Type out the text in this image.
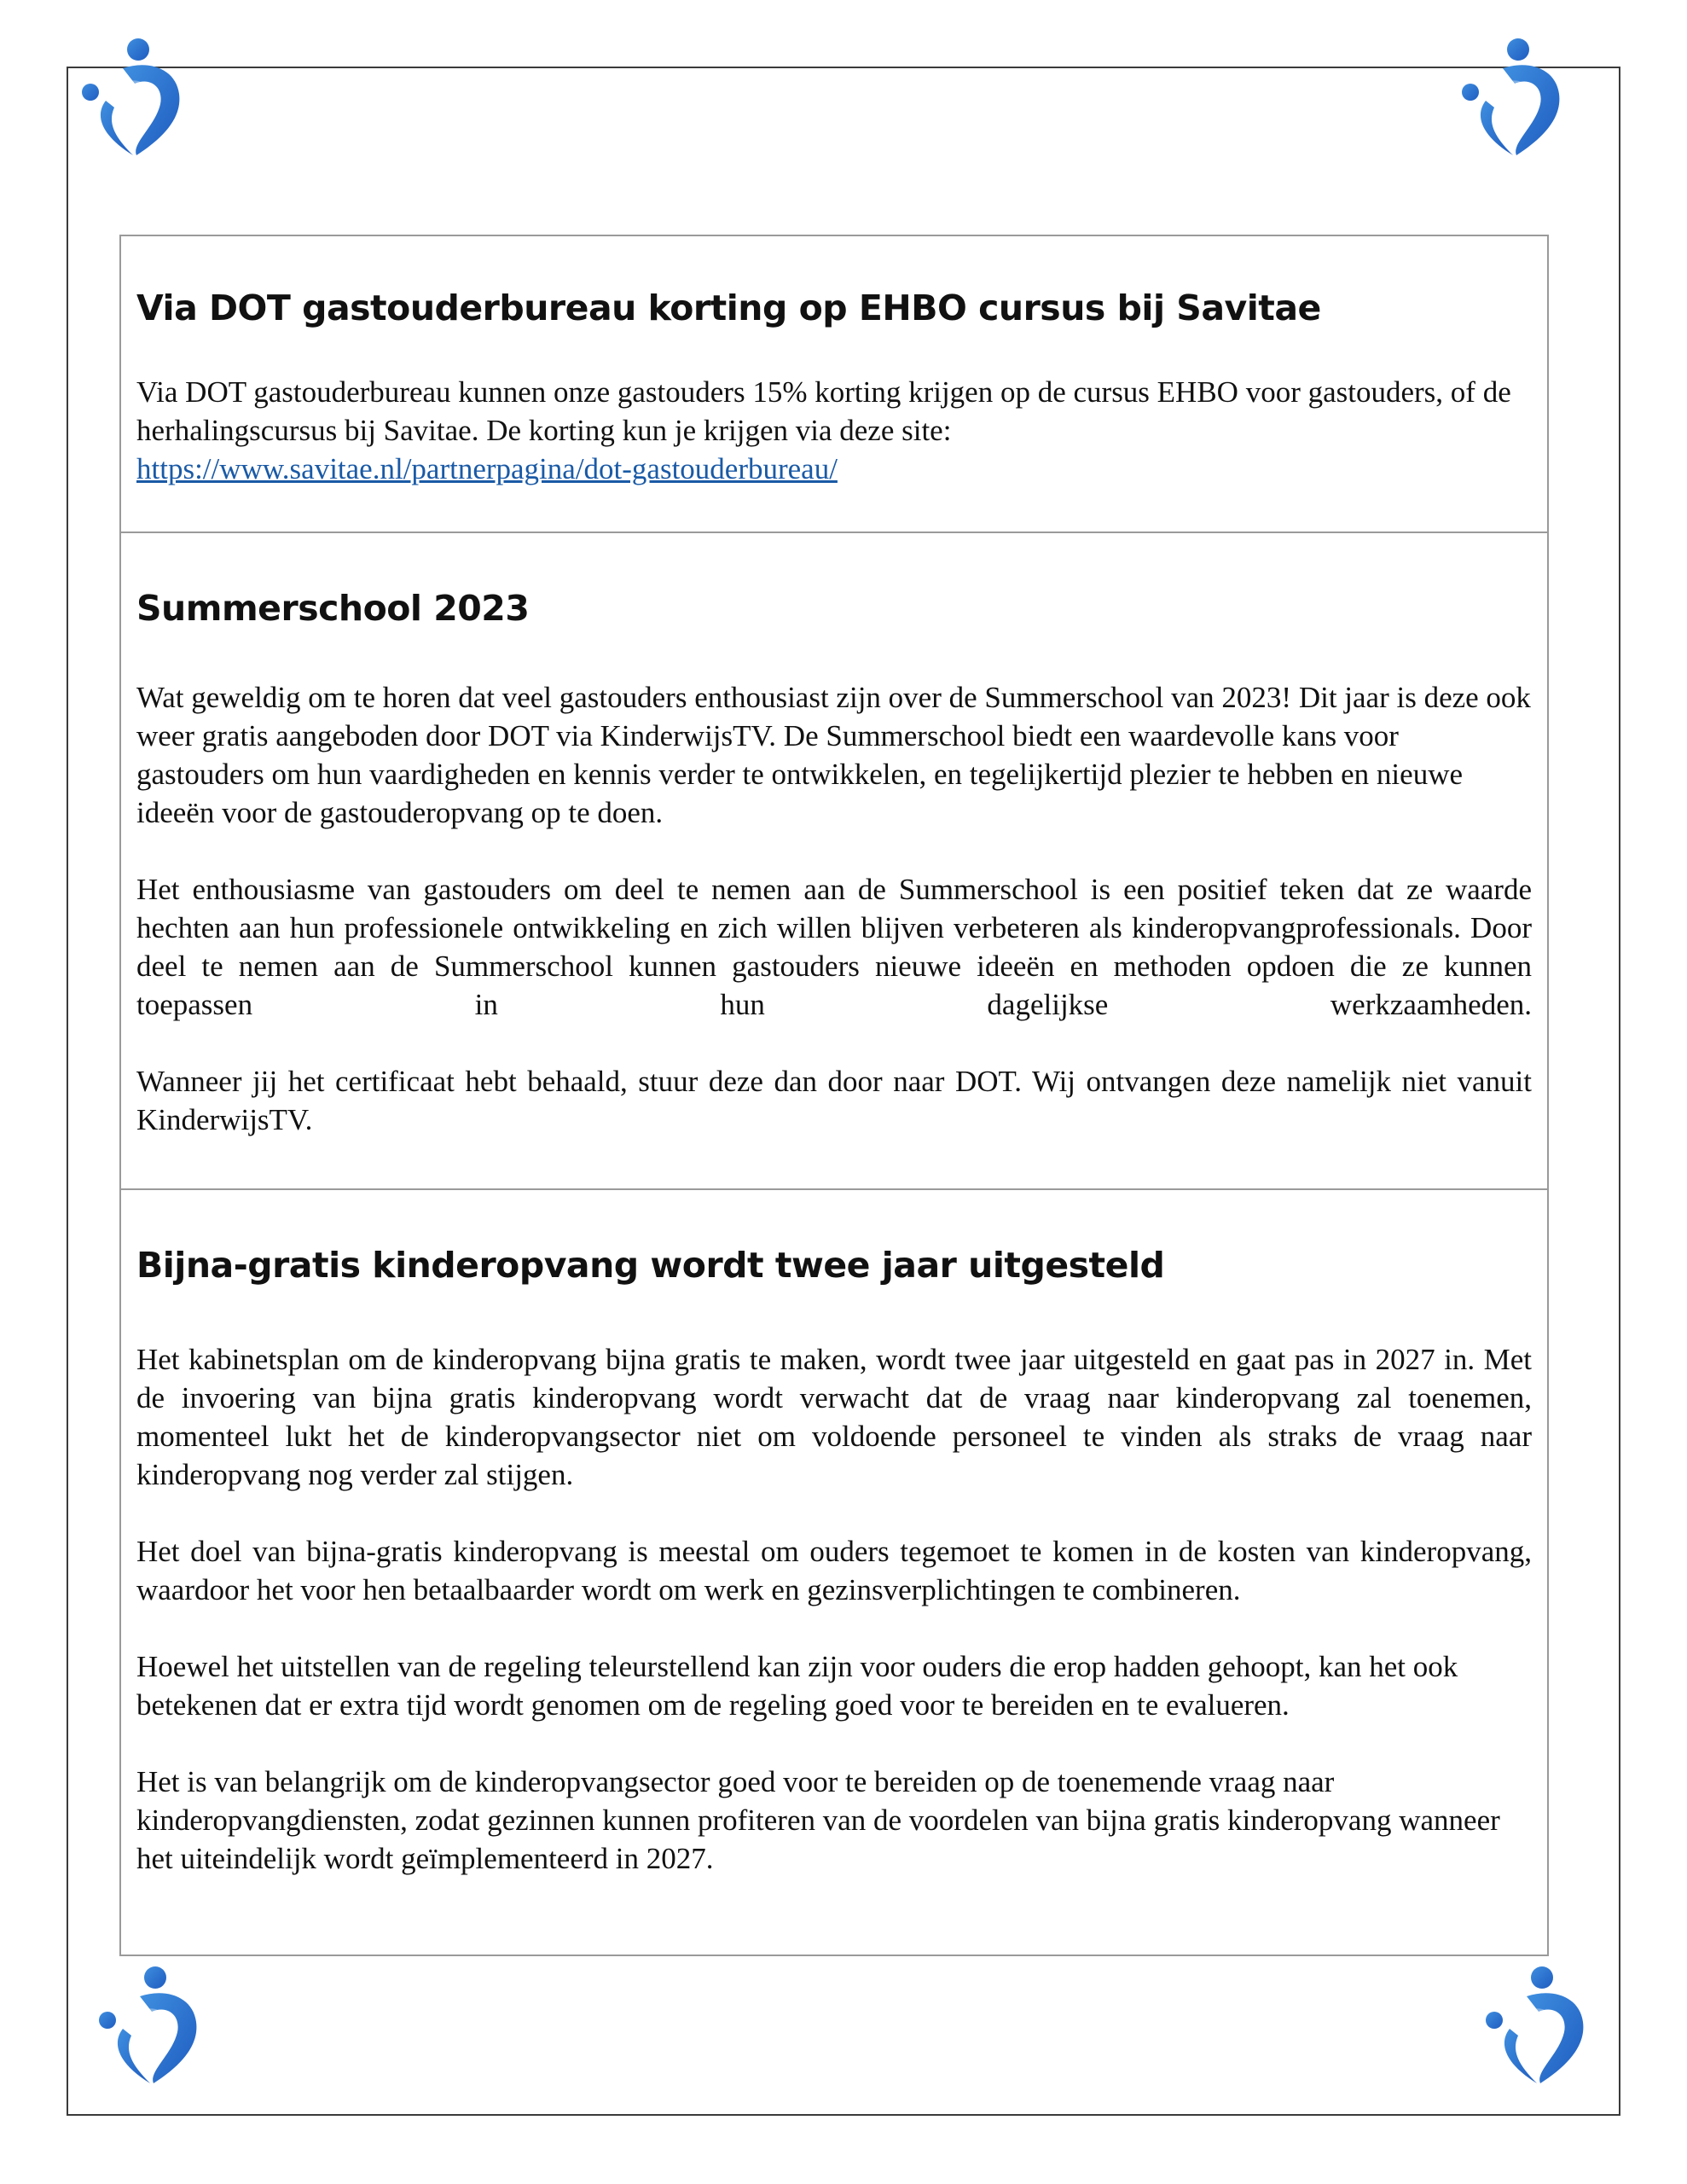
Via DOT gastouderbureau korting op EHBO cursus bij Savitae

Via DOT gastouderbureau kunnen onze gastouders 15% korting krijgen op de cursus EHBO voor gastouders, of de herhalingscursus bij Savitae. De korting kun je krijgen via deze site:

https://www.savitae.nl/partnerpagina/dot-gastouderbureau/
Summerschool 2023

Wat geweldig om te horen dat veel gastouders enthousiast zijn over de Summerschool van 2023! Dit jaar is deze ook weer gratis aangeboden door DOT via KinderwijsTV. De Summerschool biedt een waardevolle kans voor gastouders om hun vaardigheden en kennis verder te ontwikkelen, en tegelijkertijd plezier te hebben en nieuwe ideeën voor de gastouderopvang op te doen.

Het enthousiasme van gastouders om deel te nemen aan de Summerschool is een positief teken dat ze waarde hechten aan hun professionele ontwikkeling en zich willen blijven verbeteren als kinderopvangprofessionals. Door deel te nemen aan de Summerschool kunnen gastouders nieuwe ideeën en methoden opdoen die ze kunnen toepassen in hun dagelijkse werkzaamheden.

Wanneer jij het certificaat hebt behaald, stuur deze dan door naar DOT. Wij ontvangen deze namelijk niet vanuit KinderwijsTV.

Bijna-gratis kinderopvang wordt twee jaar uitgesteld

Het kabinetsplan om de kinderopvang bijna gratis te maken, wordt twee jaar uitgesteld en gaat pas in 2027 in. Met de invoering van bijna gratis kinderopvang wordt verwacht dat de vraag naar kinderopvang zal toenemen, momenteel lukt het de kinderopvangsector niet om voldoende personeel te vinden als straks de vraag naar kinderopvang nog verder zal stijgen.

Het doel van bijna-gratis kinderopvang is meestal om ouders tegemoet te komen in de kosten van kinderopvang, waardoor het voor hen betaalbaarder wordt om werk en gezinsverplichtingen te combineren.

Hoewel het uitstellen van de regeling teleurstellend kan zijn voor ouders die erop hadden gehoopt, kan het ook betekenen dat er extra tijd wordt genomen om de regeling goed voor te bereiden en te evalueren.

Het is van belangrijk om de kinderopvangsector goed voor te bereiden op de toenemende vraag naar kinderopvangdiensten, zodat gezinnen kunnen profiteren van de voordelen van bijna gratis kinderopvang wanneer het uiteindelijk wordt geïmplementeerd in 2027.
